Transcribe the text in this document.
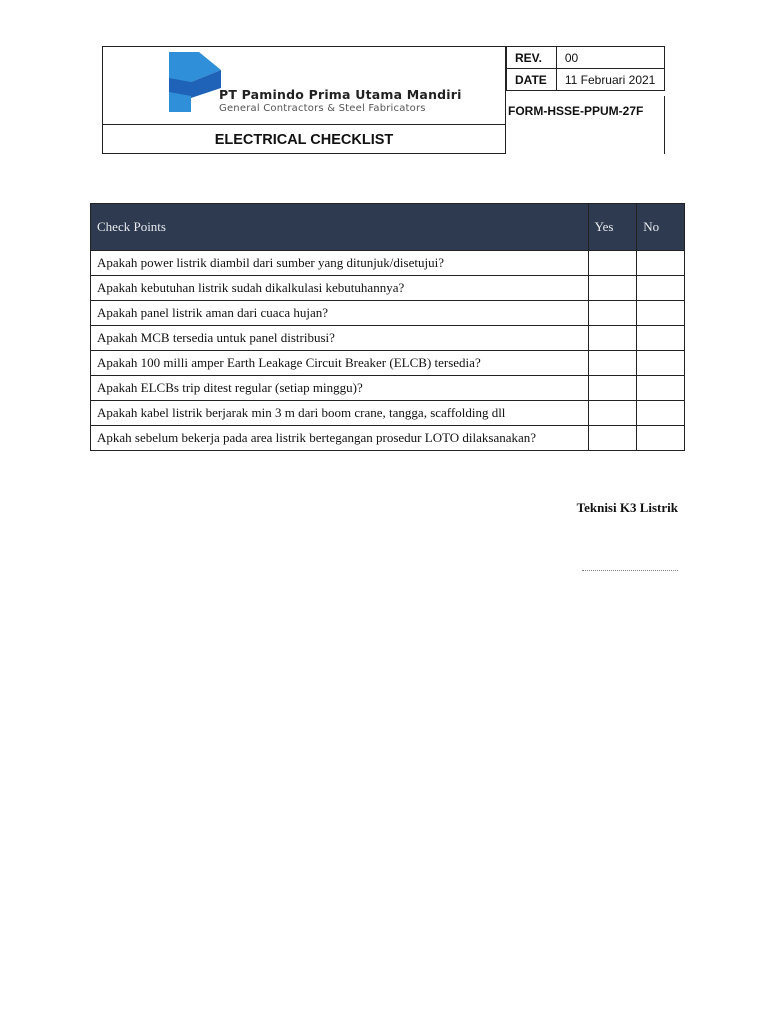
PT Pamindo Prima Utama Mandiri
General Contractors & Steel Fabricators
ELECTRICAL CHECKLIST
REV.	00
DATE	11 Februari 2021
FORM-HSSE-PPUM-27F
Check Points	Yes	No
Apakah power listrik diambil dari sumber yang ditunjuk/disetujui?		
Apakah kebutuhan listrik sudah dikalkulasi kebutuhannya?		
Apakah panel listrik aman dari cuaca hujan?		
Apakah MCB tersedia untuk panel distribusi?		
Apakah 100 milli amper Earth Leakage Circuit Breaker (ELCB) tersedia?		
Apakah ELCBs trip ditest regular (setiap minggu)?		
Apakah kabel listrik berjarak min 3 m dari boom crane, tangga, scaffolding dll		
Apkah sebelum bekerja pada area listrik bertegangan prosedur LOTO dilaksanakan?		
Teknisi K3 Listrik
